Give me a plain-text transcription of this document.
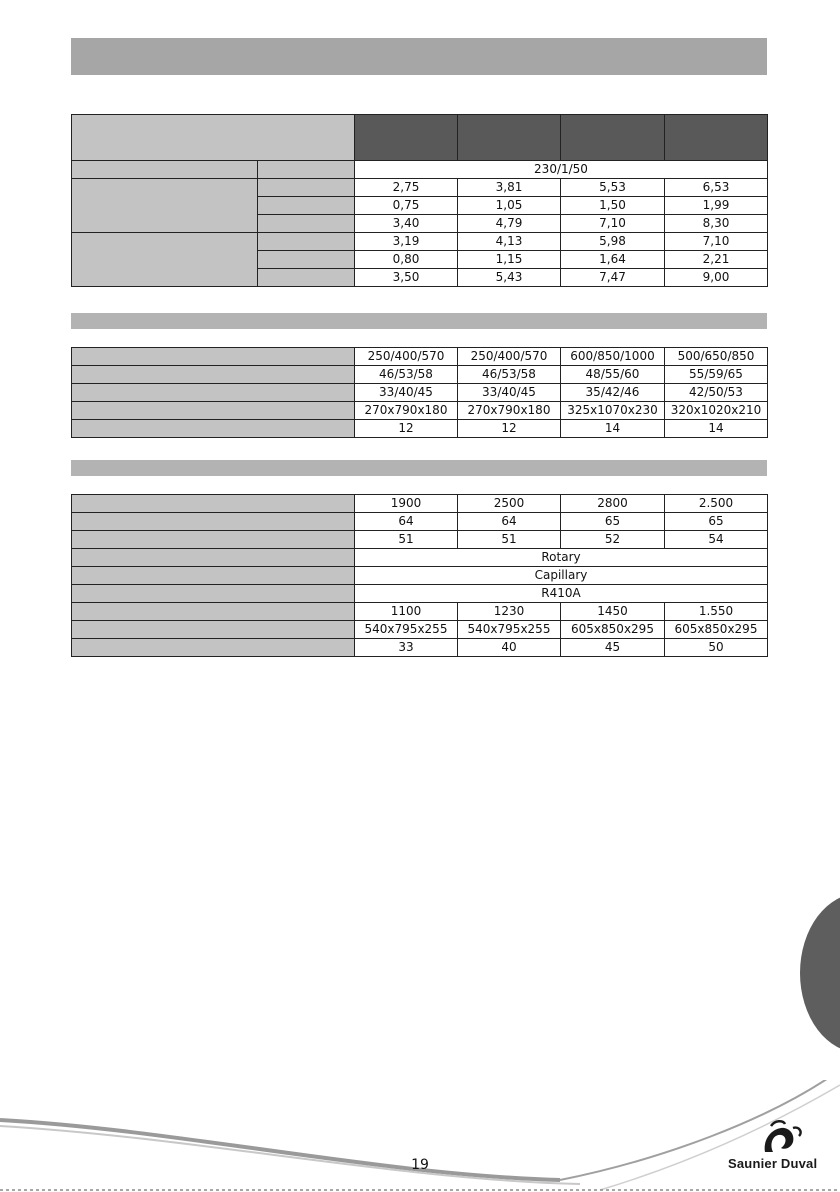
		230/1/50			
		2,75	3,81	5,53	6,53
		0,75	1,05	1,50	1,99
		3,40	4,79	7,10	8,30
		3,19	4,13	5,98	7,10
		0,80	1,15	1,64	2,21
		3,50	5,43	7,47	9,00
	250/400/570	250/400/570	600/850/1000	500/650/850
	46/53/58	46/53/58	48/55/60	55/59/65
	33/40/45	33/40/45	35/42/46	42/50/53
	270x790x180	270x790x180	325x1070x230	320x1020x210
	12	12	14	14
	1900	2500	2800	2.500
	64	64	65	65
	51	51	52	54
	Rotary			
	Capillary			
	R410A			
	1100	1230	1450	1.550
	540x795x255	540x795x255	605x850x295	605x850x295
	33	40	45	50
19	Saunier Duval
